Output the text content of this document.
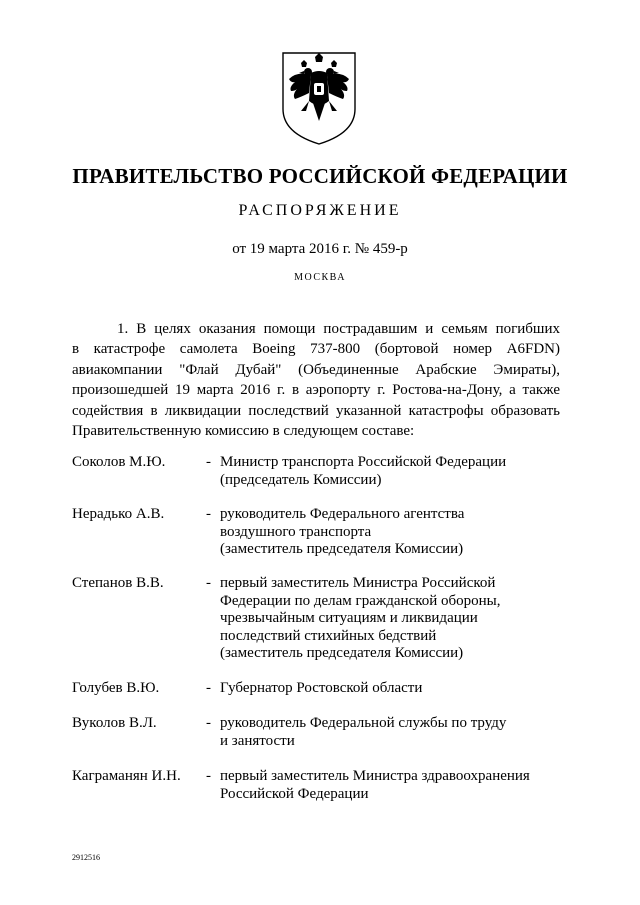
ПРАВИТЕЛЬСТВО РОССИЙСКОЙ ФЕДЕРАЦИИ
РАСПОРЯЖЕНИЕ
от 19 марта 2016 г. № 459-р
МОСКВА
1. В целях оказания помощи пострадавшим и семьям погибших
в катастрофе самолета Boeing 737-800 (бортовой номер A6FDN)
авиакомпании "Флай Дубай" (Объединенные Арабские Эмираты),
произошедшей 19 марта 2016 г. в аэропорту г. Ростова-на-Дону, а также
содействия в ликвидации последствий указанной катастрофы образовать
Правительственную комиссию в следующем составе:
Соколов М.Ю.	- Министр транспорта Российской Федерации
(председатель Комиссии)
Нерадько А.В.	- руководитель Федерального агентства
воздушного транспорта
(заместитель председателя Комиссии)
Степанов В.В.	- первый заместитель Министра Российской
Федерации по делам гражданской обороны,
чрезвычайным ситуациям и ликвидации
последствий стихийных бедствий
(заместитель председателя Комиссии)
Голубев В.Ю.	- Губернатор Ростовской области
Вуколов В.Л.	- руководитель Федеральной службы по труду
и занятости
Каграманян И.Н. - первый заместитель Министра здравоохранения
Российской Федерации
2912516
